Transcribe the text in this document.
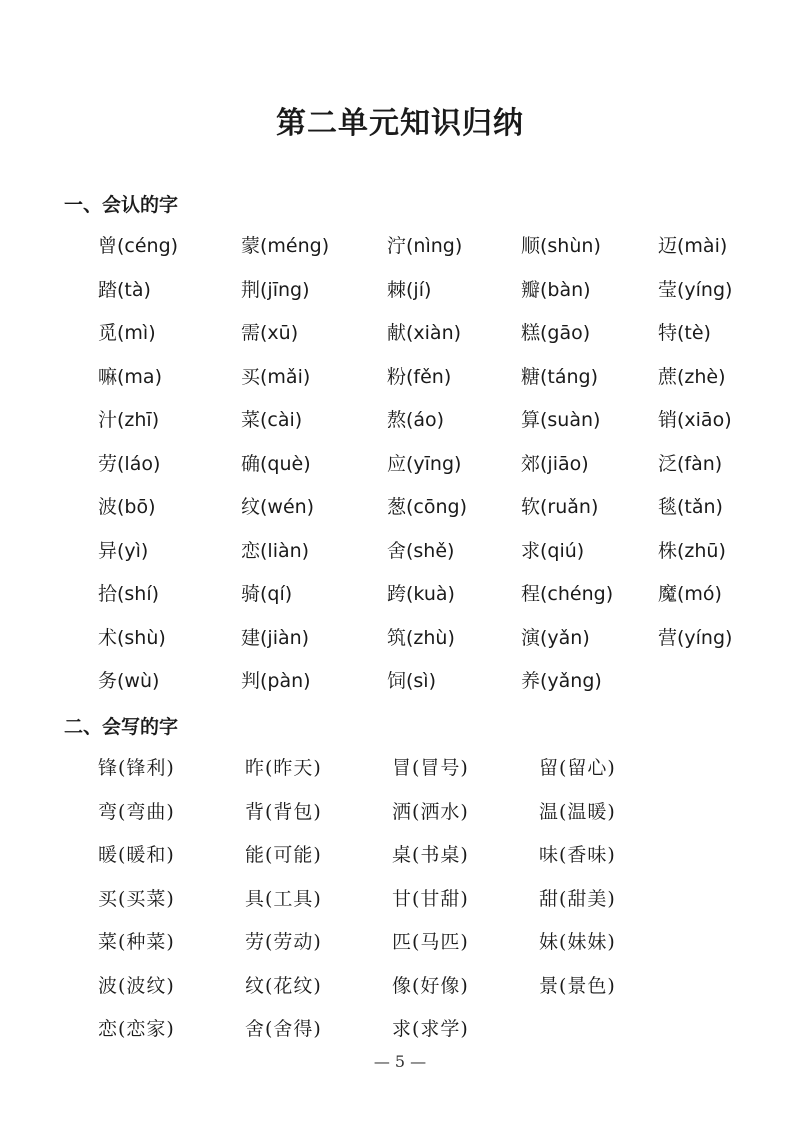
第二单元知识归纳
一、会认的字
曾(céng)	蒙(méng)	泞(nìng)	顺(shùn)	迈(mài)
踏(tà)	荆(jīng)	棘(jí)	瓣(bàn)	莹(yíng)
觅(mì)	需(xū)	献(xiàn)	糕(gāo)	特(tè)
嘛(ma)	买(mǎi)	粉(fěn)	糖(táng)	蔗(zhè)
汁(zhī)	菜(cài)	熬(áo)	算(suàn)	销(xiāo)
劳(láo)	确(què)	应(yīng)	郊(jiāo)	泛(fàn)
波(bō)	纹(wén)	葱(cōng)	软(ruǎn)	毯(tǎn)
异(yì)	恋(liàn)	舍(shě)	求(qiú)	株(zhū)
拾(shí)	骑(qí)	跨(kuà)	程(chéng)	魔(mó)
术(shù)	建(jiàn)	筑(zhù)	演(yǎn)	营(yíng)
务(wù)	判(pàn)	饲(sì)	养(yǎng)
二、会写的字
锋(锋利)	昨(昨天)	冒(冒号)	留(留心)
弯(弯曲)	背(背包)	洒(洒水)	温(温暖)
暖(暖和)	能(可能)	桌(书桌)	味(香味)
买(买菜)	具(工具)	甘(甘甜)	甜(甜美)
菜(种菜)	劳(劳动)	匹(马匹)	妹(妹妹)
波(波纹)	纹(花纹)	像(好像)	景(景色)
恋(恋家)	舍(舍得)	求(求学)
— 5 —
